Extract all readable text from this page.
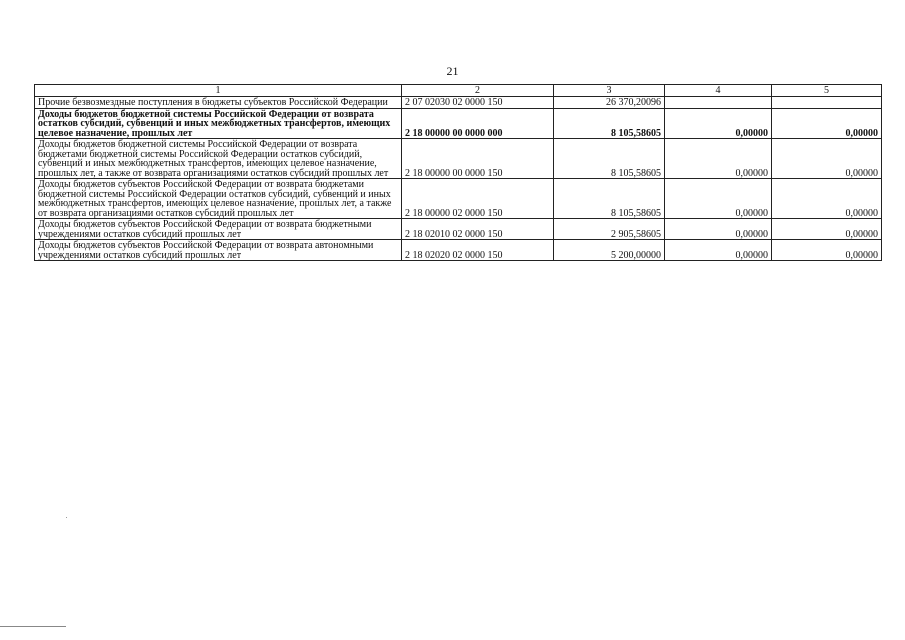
21
1	2	3	4	5
Прочие безвозмездные поступления в бюджеты субъектов Российской Федерации	2 07 02030 02 0000 150	26 370,20096		
Доходы бюджетов бюджетной системы Российской Федерации от возврата остатков субсидий, субвенций и иных межбюджетных трансфертов, имеющих целевое назначение, прошлых лет	2 18 00000 00 0000 000	8 105,58605	0,00000	0,00000
Доходы бюджетов бюджетной системы Российской Федерации от возврата бюджетами бюджетной системы Российской Федерации остатков субсидий, субвенций и иных межбюджетных трансфертов, имеющих целевое назначение, прошлых лет, а также от возврата организациями остатков субсидий прошлых лет	2 18 00000 00 0000 150	8 105,58605	0,00000	0,00000
Доходы бюджетов субъектов Российской Федерации от возврата бюджетами бюджетной системы Российской Федерации остатков субсидий, субвенций и иных межбюджетных трансфертов, имеющих целевое назначение, прошлых лет, а также от возврата организациями остатков субсидий прошлых лет	2 18 00000 02 0000 150	8 105,58605	0,00000	0,00000
Доходы бюджетов субъектов Российской Федерации от возврата бюджетными учреждениями остатков субсидий прошлых лет	2 18 02010 02 0000 150	2 905,58605	0,00000	0,00000
Доходы бюджетов субъектов Российской Федерации от возврата автономными учреждениями остатков субсидий прошлых лет	2 18 02020 02 0000 150	5 200,00000	0,00000	0,00000
